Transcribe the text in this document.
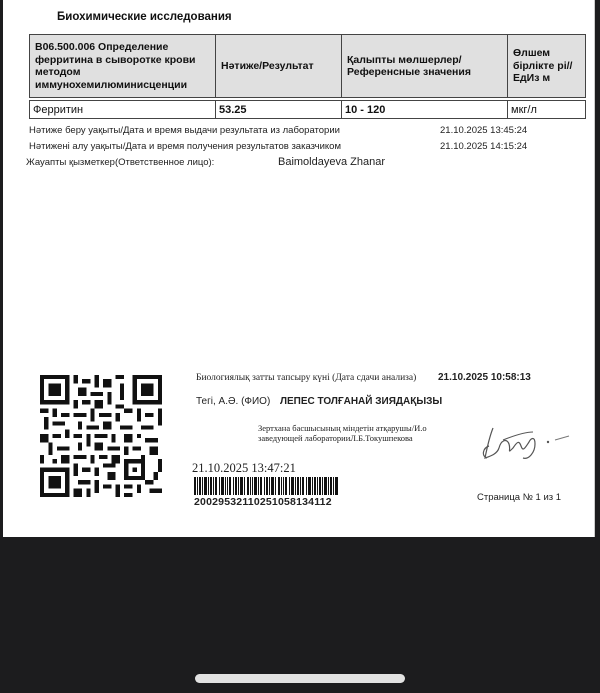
Биохимические исследования
B06.500.006 Определение ферритина в сыворотке крови методом иммунохемилюминисценции	Нәтиже/Результат	Қалыпты мөлшерлер/Референсные значения	Өлшем бірлікте рі//ЕдИз м

Ферритин	53.25	10 - 120	мкг/л
Нәтиже беру уақыты/Дата и время выдачи результата из лаборатории	21.10.2025 13:45:24
Нәтижені алу уақыты/Дата и время получения результатов заказчиком	21.10.2025 14:15:24
Жауапты қызметкер(Ответственное лицо):	Baimoldayeva Zhanar
Биологиялық затты тапсыру күні (Дата сдачи анализа) 21.10.2025 10:58:13
Тегі, А.Ә. (ФИО) ЛЕПЕС ТОЛҒАНАЙ ЗИЯДАҚЫЗЫ
Зертхана басшысының міндетін атқарушы/И.о
заведующей лабораторииЛ.Б.Токушпекова
21.10.2025 13:47:21
20029532110251058134112	Страница № 1 из 1
